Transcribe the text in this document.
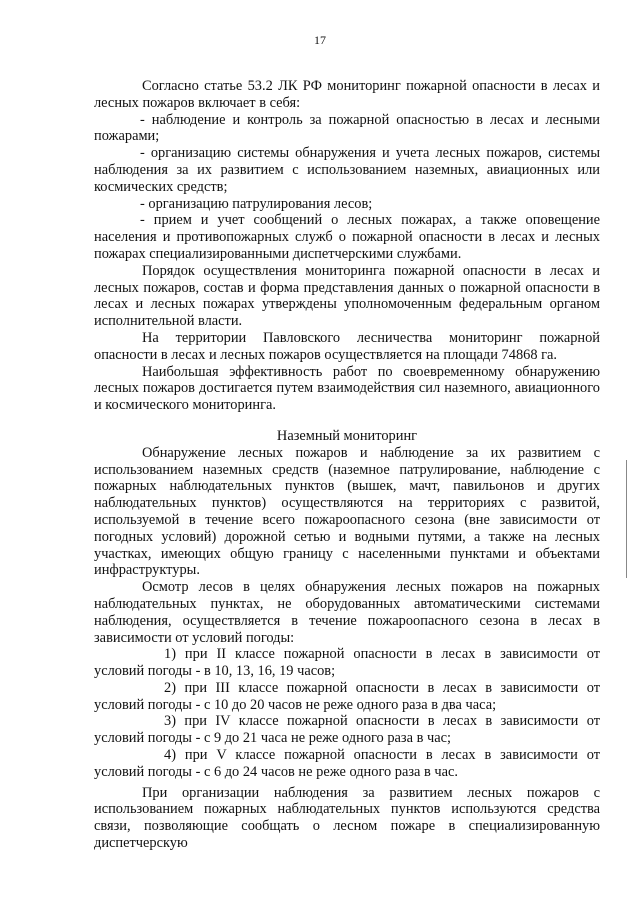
17

Согласно статье 53.2 ЛК РФ мониторинг пожарной опасности в лесах и лесных пожаров включает в себя:

- наблюдение и контроль за пожарной опасностью в лесах и лесными пожарами;

- организацию системы обнаружения и учета лесных пожаров, системы наблюдения за их развитием с использованием наземных, авиационных или космических средств;

- организацию патрулирования лесов;

- прием и учет сообщений о лесных пожарах, а также оповещение населения и противопожарных служб о пожарной опасности в лесах и лесных пожарах специализированными диспетчерскими службами.

Порядок осуществления мониторинга пожарной опасности в лесах и лесных пожаров, состав и форма представления данных о пожарной опасности в лесах и лесных пожарах утверждены уполномоченным федеральным органом исполнительной власти.

На территории Павловского лесничества мониторинг пожарной опасности в лесах и лесных пожаров осуществляется на площади 74868 га.

Наибольшая эффективность работ по своевременному обнаружению лесных пожаров достигается путем взаимодействия сил наземного, авиационного и космического мониторинга.

Наземный мониторинг

Обнаружение лесных пожаров и наблюдение за их развитием с использованием наземных средств (наземное патрулирование, наблюдение с пожарных наблюдательных пунктов (вышек, мачт, павильонов и других наблюдательных пунктов) осуществляются на территориях с развитой, используемой в течение всего пожароопасного сезона (вне зависимости от погодных условий) дорожной сетью и водными путями, а также на лесных участках, имеющих общую границу с населенными пунктами и объектами инфраструктуры.

Осмотр лесов в целях обнаружения лесных пожаров на пожарных наблюдательных пунктах, не оборудованных автоматическими системами наблюдения, осуществляется в течение пожароопасного сезона в лесах в зависимости от условий погоды:

1) при II классе пожарной опасности в лесах в зависимости от условий погоды - в 10, 13, 16, 19 часов;

2) при III классе пожарной опасности в лесах в зависимости от условий погоды - с 10 до 20 часов не реже одного раза в два часа;

3) при IV классе пожарной опасности в лесах в зависимости от условий погоды - с 9 до 21 часа не реже одного раза в час;

4) при V классе пожарной опасности в лесах в зависимости от условий погоды - с 6 до 24 часов не реже одного раза в час.

При организации наблюдения за развитием лесных пожаров с использованием пожарных наблюдательных пунктов используются средства связи, позволяющие сообщать о лесном пожаре в специализированную диспетчерскую
